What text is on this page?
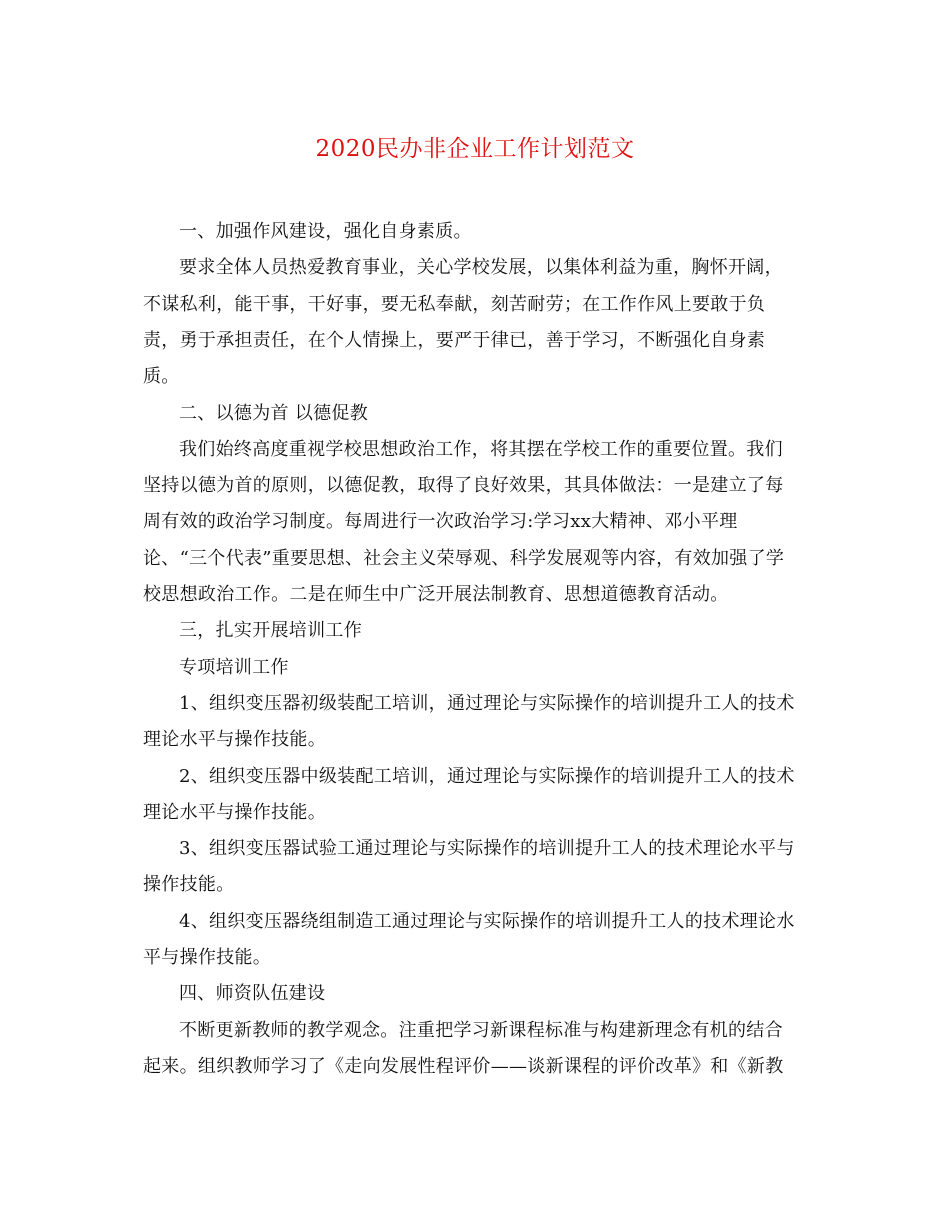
2020民办非企业工作计划范文
一、加强作风建设，强化自身素质。
要求全体人员热爱教育事业，关心学校发展，以集体利益为重，胸怀开阔，
不谋私利，能干事，干好事，要无私奉献，刻苦耐劳；在工作作风上要敢于负
责，勇于承担责任，在个人情操上，要严于律已，善于学习，不断强化自身素
质。
二、以德为首 以德促教
我们始终高度重视学校思想政治工作，将其摆在学校工作的重要位置。我们
坚持以德为首的原则，以德促教，取得了良好效果，其具体做法：一是建立了每
周有效的政治学习制度。每周进行一次政治学习:学习xx大精神、邓小平理
论、“三个代表”重要思想、社会主义荣辱观、科学发展观等内容，有效加强了学
校思想政治工作。二是在师生中广泛开展法制教育、思想道德教育活动。
三，扎实开展培训工作
专项培训工作
1、组织变压器初级装配工培训，通过理论与实际操作的培训提升工人的技术
理论水平与操作技能。
2、组织变压器中级装配工培训，通过理论与实际操作的培训提升工人的技术
理论水平与操作技能。
3、组织变压器试验工通过理论与实际操作的培训提升工人的技术理论水平与
操作技能。
4、组织变压器绕组制造工通过理论与实际操作的培训提升工人的技术理论水
平与操作技能。
四、师资队伍建设
不断更新教师的教学观念。注重把学习新课程标准与构建新理念有机的结合
起来。组织教师学习了《走向发展性程评价——谈新课程的评价改革》和《新教
